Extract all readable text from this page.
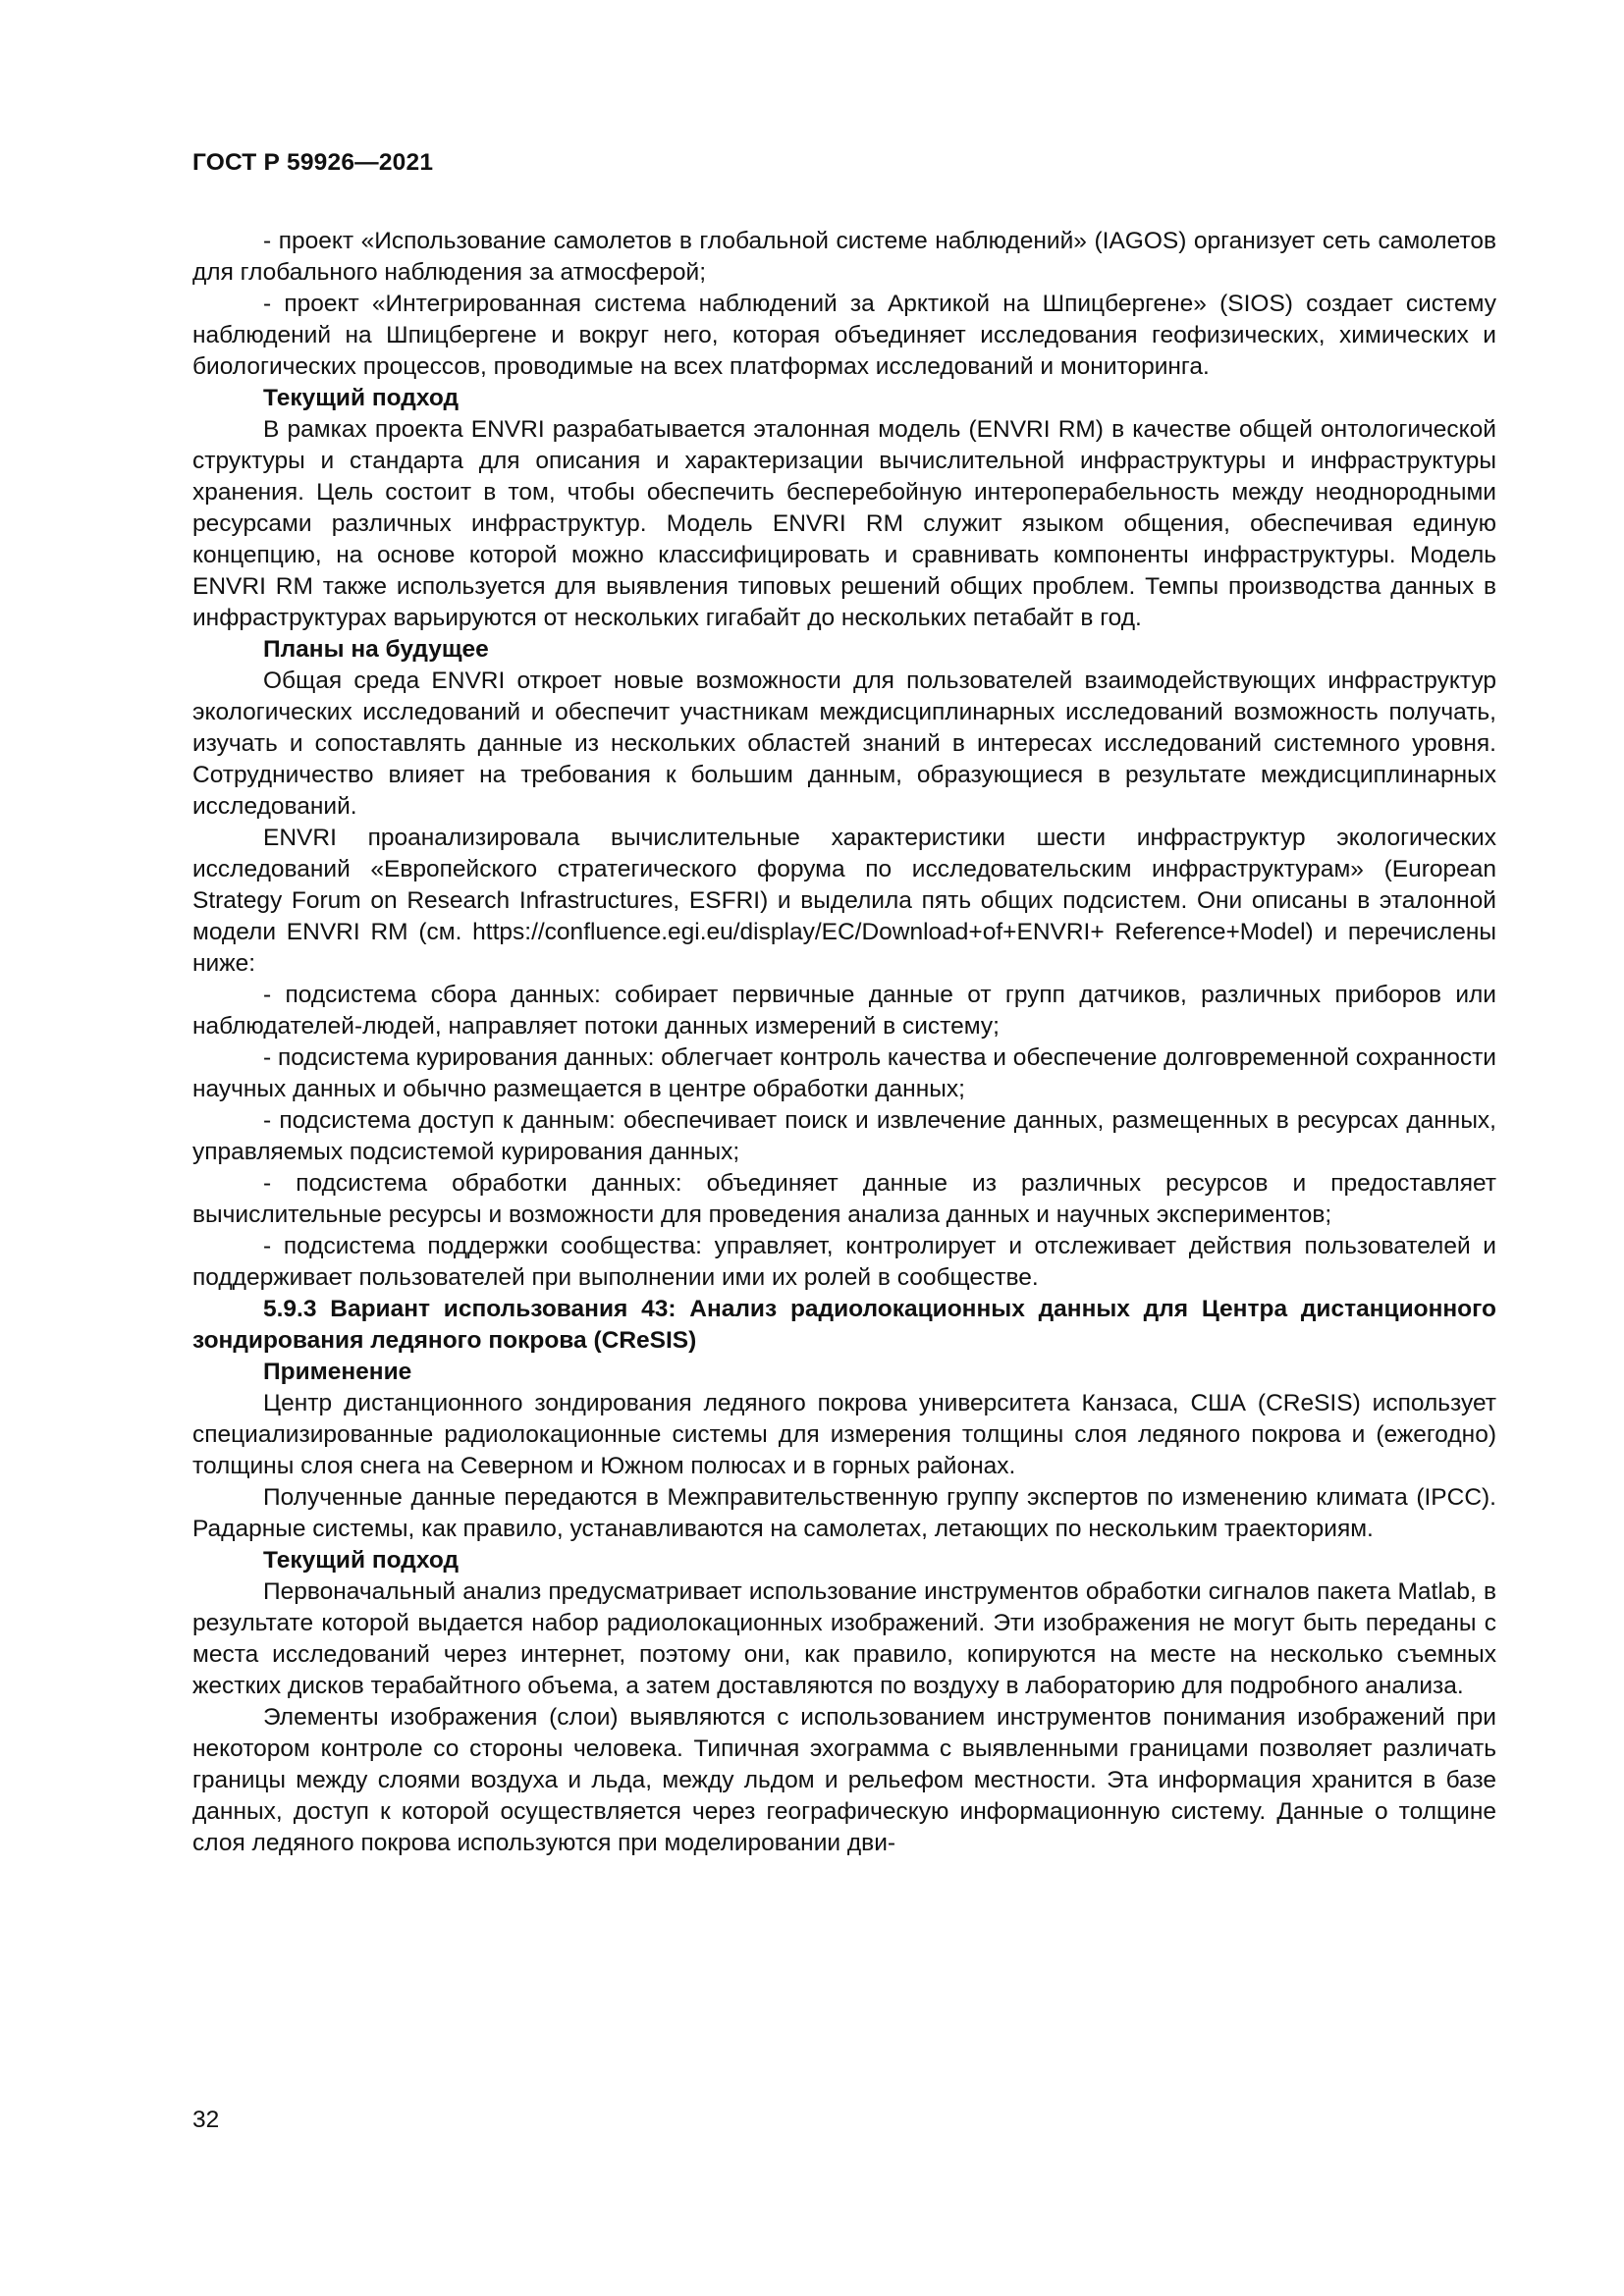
ГОСТ Р 59926—2021

- проект «Использование самолетов в глобальной системе наблюдений» (IAGOS) организует сеть самолетов для глобального наблюдения за атмосферой;

- проект «Интегрированная система наблюдений за Арктикой на Шпицбергене» (SIOS) создает систему наблюдений на Шпицбергене и вокруг него, которая объединяет исследования геофизических, химических и биологических процессов, проводимые на всех платформах исследований и мониторинга.

Текущий подход

В рамках проекта ENVRI разрабатывается эталонная модель (ENVRI RM) в качестве общей онтологической структуры и стандарта для описания и характеризации вычислительной инфраструктуры и инфраструктуры хранения. Цель состоит в том, чтобы обеспечить бесперебойную интероперабельность между неоднородными ресурсами различных инфраструктур. Модель ENVRI RM служит языком общения, обеспечивая единую концепцию, на основе которой можно классифицировать и сравнивать компоненты инфраструктуры. Модель ENVRI RM также используется для выявления типовых решений общих проблем. Темпы производства данных в инфраструктурах варьируются от нескольких гигабайт до нескольких петабайт в год.

Планы на будущее

Общая среда ENVRI откроет новые возможности для пользователей взаимодействующих инфраструктур экологических исследований и обеспечит участникам междисциплинарных исследований возможность получать, изучать и сопоставлять данные из нескольких областей знаний в интересах исследований системного уровня. Сотрудничество влияет на требования к большим данным, образующиеся в результате междисциплинарных исследований.

ENVRI проанализировала вычислительные характеристики шести инфраструктур экологических исследований «Европейского стратегического форума по исследовательским инфраструктурам» (European Strategy Forum on Research Infrastructures, ESFRI) и выделила пять общих подсистем. Они описаны в эталонной модели ENVRI RM (см. https://confluence.egi.eu/display/EC/Download+of+ENVRI+ Reference+Model) и перечислены ниже:

- подсистема сбора данных: собирает первичные данные от групп датчиков, различных приборов или наблюдателей-людей, направляет потоки данных измерений в систему;

- подсистема курирования данных: облегчает контроль качества и обеспечение долговременной сохранности научных данных и обычно размещается в центре обработки данных;

- подсистема доступ к данным: обеспечивает поиск и извлечение данных, размещенных в ресурсах данных, управляемых подсистемой курирования данных;

- подсистема обработки данных: объединяет данные из различных ресурсов и предоставляет вычислительные ресурсы и возможности для проведения анализа данных и научных экспериментов;

- подсистема поддержки сообщества: управляет, контролирует и отслеживает действия пользователей и поддерживает пользователей при выполнении ими их ролей в сообществе.

5.9.3 Вариант использования 43: Анализ радиолокационных данных для Центра дистанционного зондирования ледяного покрова (CReSIS)

Применение

Центр дистанционного зондирования ледяного покрова университета Канзаса, США (CReSIS) использует специализированные радиолокационные системы для измерения толщины слоя ледяного покрова и (ежегодно) толщины слоя снега на Северном и Южном полюсах и в горных районах.

Полученные данные передаются в Межправительственную группу экспертов по изменению климата (IPCC). Радарные системы, как правило, устанавливаются на самолетах, летающих по нескольким траекториям.

Текущий подход

Первоначальный анализ предусматривает использование инструментов обработки сигналов пакета Matlab, в результате которой выдается набор радиолокационных изображений. Эти изображения не могут быть переданы с места исследований через интернет, поэтому они, как правило, копируются на месте на несколько съемных жестких дисков терабайтного объема, а затем доставляются по воздуху в лабораторию для подробного анализа.

Элементы изображения (слои) выявляются с использованием инструментов понимания изображений при некотором контроле со стороны человека. Типичная эхограмма с выявленными границами позволяет различать границы между слоями воздуха и льда, между льдом и рельефом местности. Эта информация хранится в базе данных, доступ к которой осуществляется через географическую информационную систему. Данные о толщине слоя ледяного покрова используются при моделировании дви-

32
